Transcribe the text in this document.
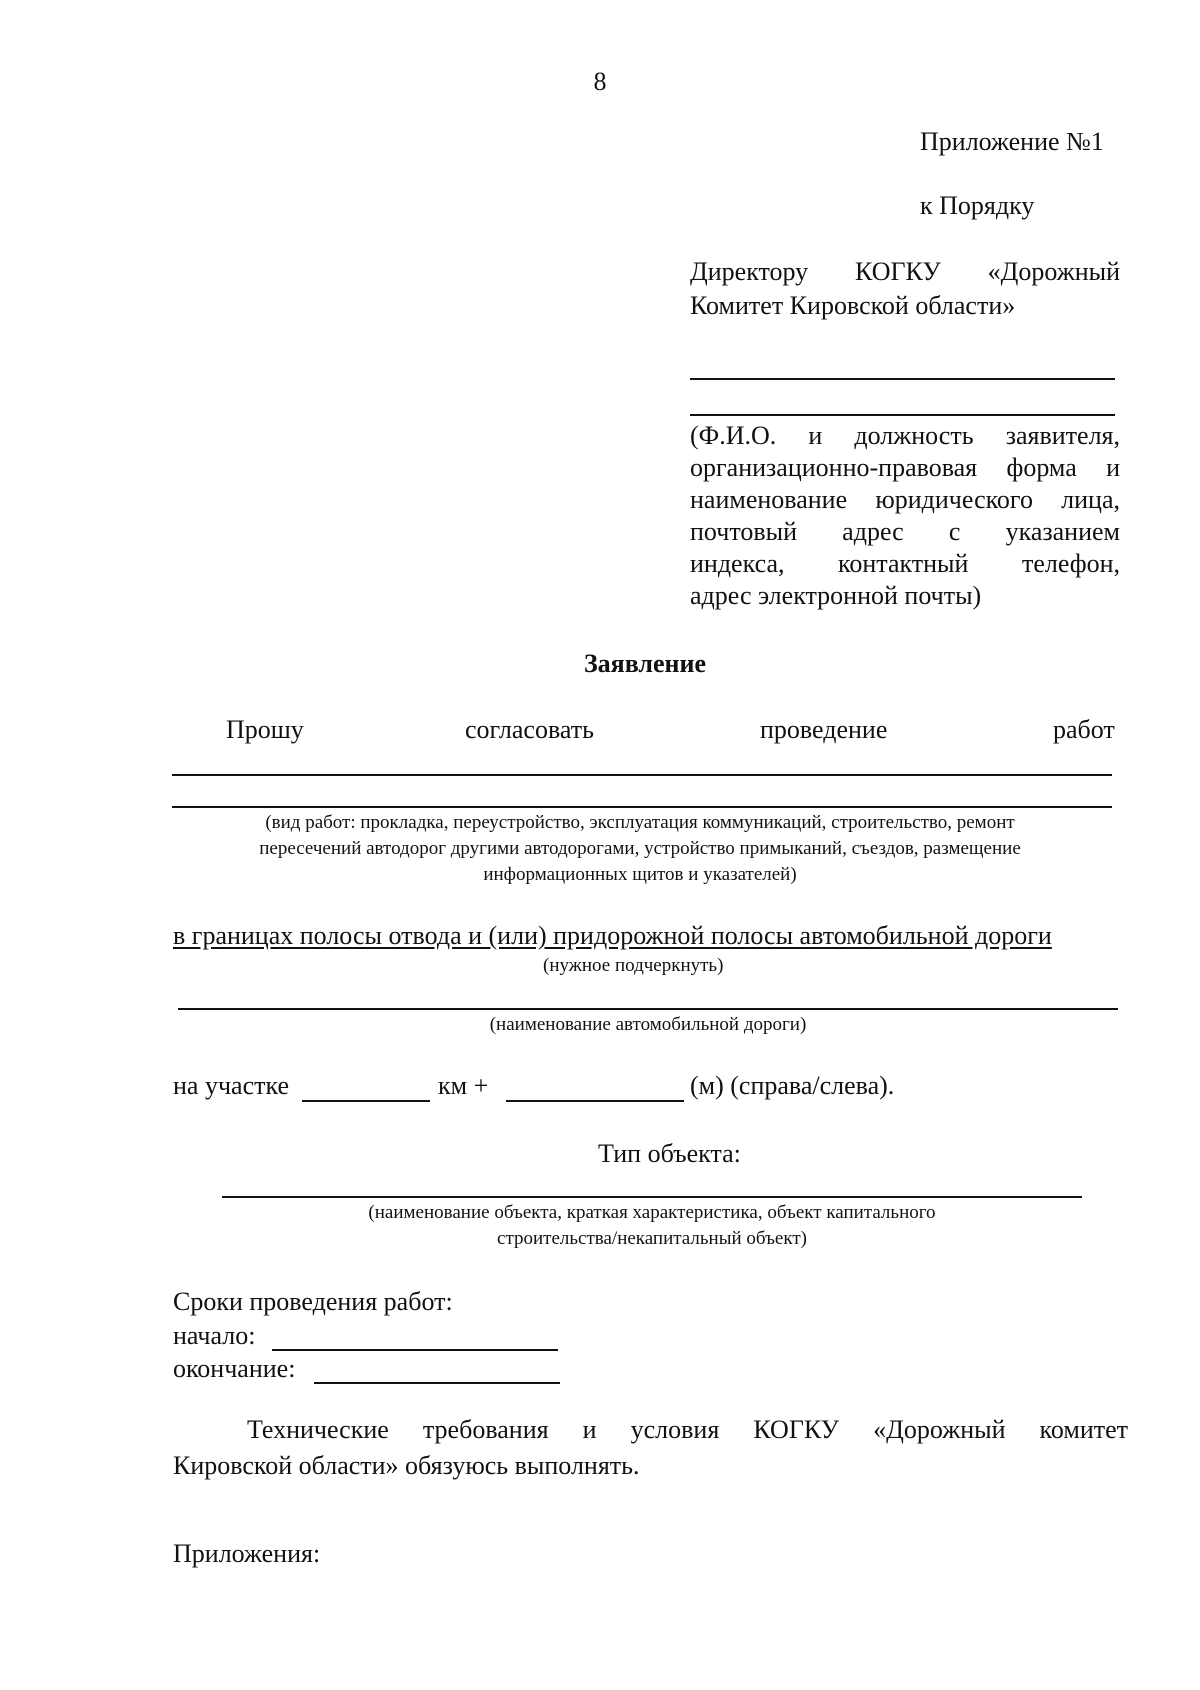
8
Приложение №1
к Порядку
Директору КОГКУ «Дорожный
Комитет Кировской области»
(Ф.И.О. и должность заявителя,
организационно-правовая форма и
наименование юридического лица,
почтовый адрес с указанием
индекса, контактный телефон,
адрес электронной почты)
Заявление
Прошу	согласовать	проведение	работ
(вид работ: прокладка, переустройство, эксплуатация коммуникаций, строительство, ремонт
пересечений автодорог другими автодорогами, устройство примыканий, съездов, размещение
информационных щитов и указателей)
в границах полосы отвода и (или) придорожной полосы автомобильной дороги
(нужное подчеркнуть)
(наименование автомобильной дороги)
на участке	км +	(м) (справа/слева).
Тип объекта:
(наименование объекта, краткая характеристика, объект капитального
строительства/некапитальный объект)
Сроки проведения работ:
начало:
окончание:
Технические требования и условия КОГКУ «Дорожный комитет
Кировской области» обязуюсь выполнять.
Приложения:
